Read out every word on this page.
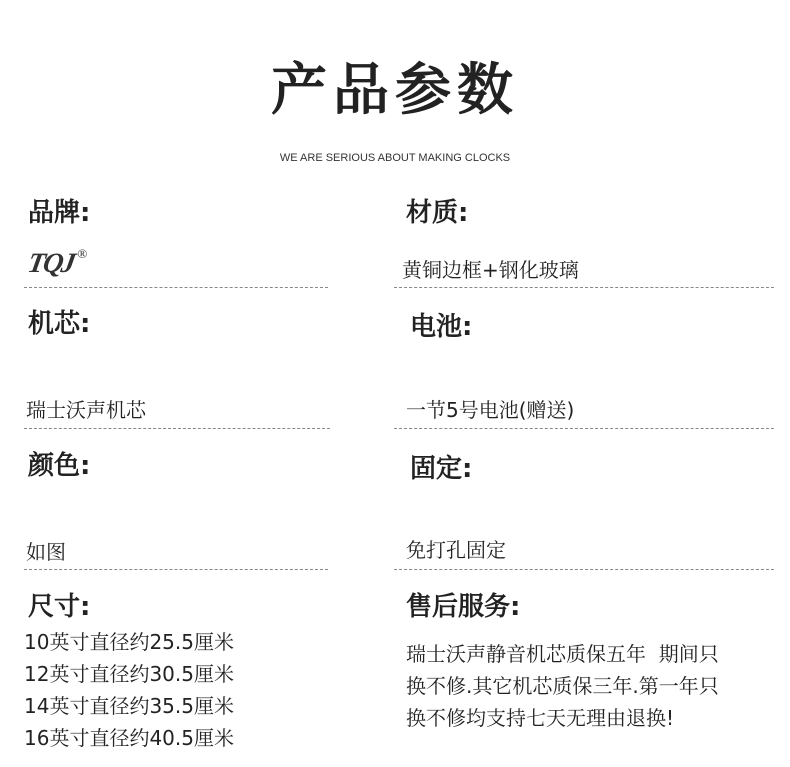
产品参数
WE ARE SERIOUS ABOUT MAKING CLOCKS
品牌:
TQJ ®
材质:
黄铜边框+钢化玻璃
机芯:
瑞士沃声机芯
电池:
一节5号电池(赠送)
颜色:
如图
固定:
免打孔固定
尺寸:
10英寸直径约25.5厘米
12英寸直径约30.5厘米
14英寸直径约35.5厘米
16英寸直径约40.5厘米
售后服务:
瑞士沃声静音机芯质保五年  期间只
换不修.其它机芯质保三年.第一年只
换不修均支持七天无理由退换!
